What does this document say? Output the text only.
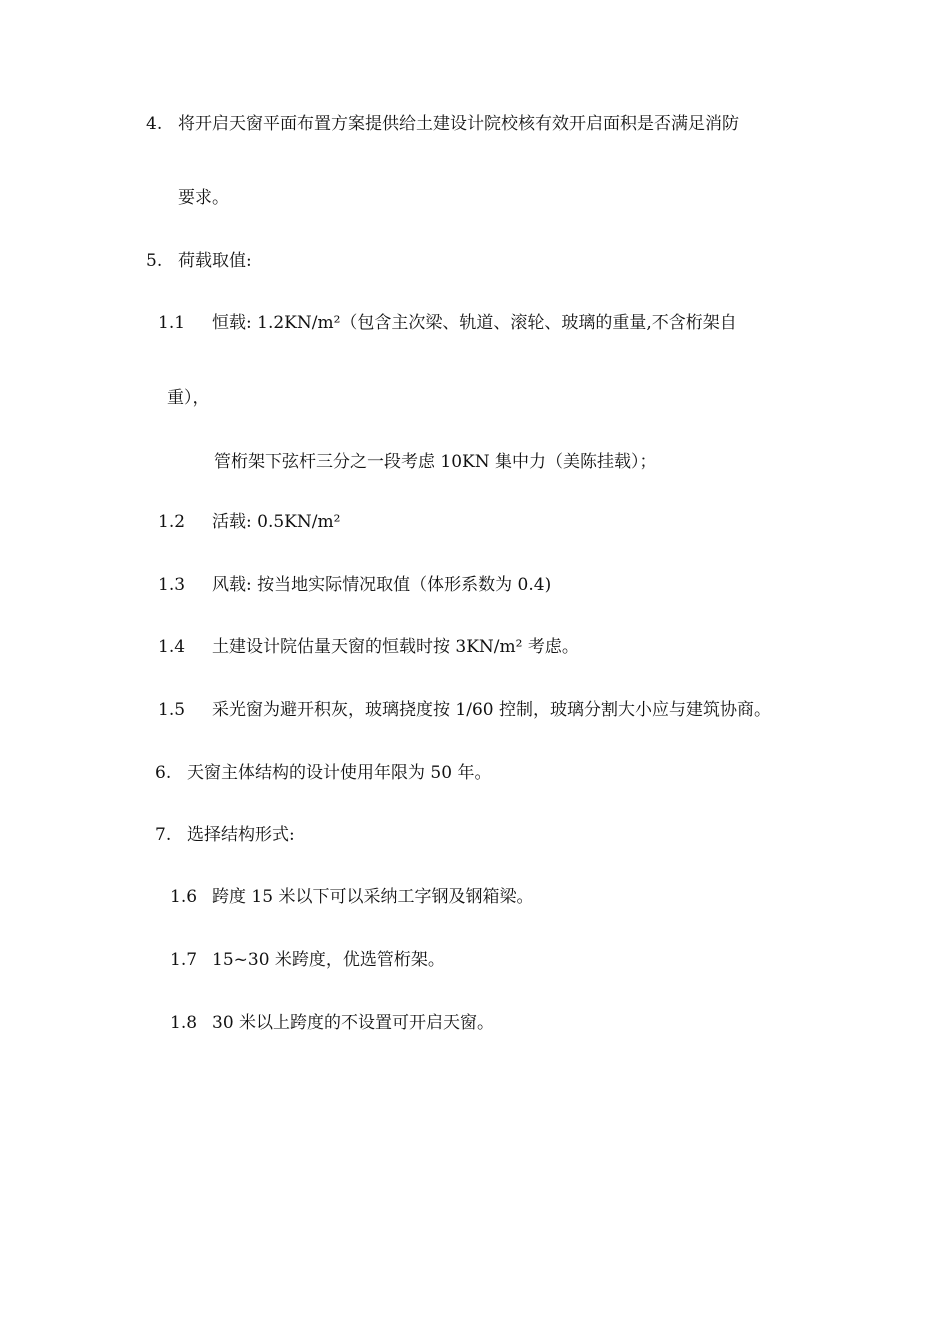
4. 将开启天窗平面布置方案提供给土建设计院校核有效开启面积是否满足消防
要求。
5. 荷载取值:
1.1 恒载: 1.2KN/m²（包含主次梁、轨道、滚轮、玻璃的重量,不含桁架自
重），
管桁架下弦杆三分之一段考虑 10KN 集中力（美陈挂载）；
1.2 活载: 0.5KN/m²
1.3 风载: 按当地实际情况取值（体形系数为 0.4)
1.4 土建设计院估量天窗的恒载时按 3KN/m² 考虑。
1.5 采光窗为避开积灰，玻璃挠度按 1/60 控制，玻璃分割大小应与建筑协商。
6. 天窗主体结构的设计使用年限为 50 年。
7. 选择结构形式:
1.6 跨度 15 米以下可以采纳工字钢及钢箱梁。
1.7 15~30 米跨度，优选管桁架。
1.8 30 米以上跨度的不设置可开启天窗。
